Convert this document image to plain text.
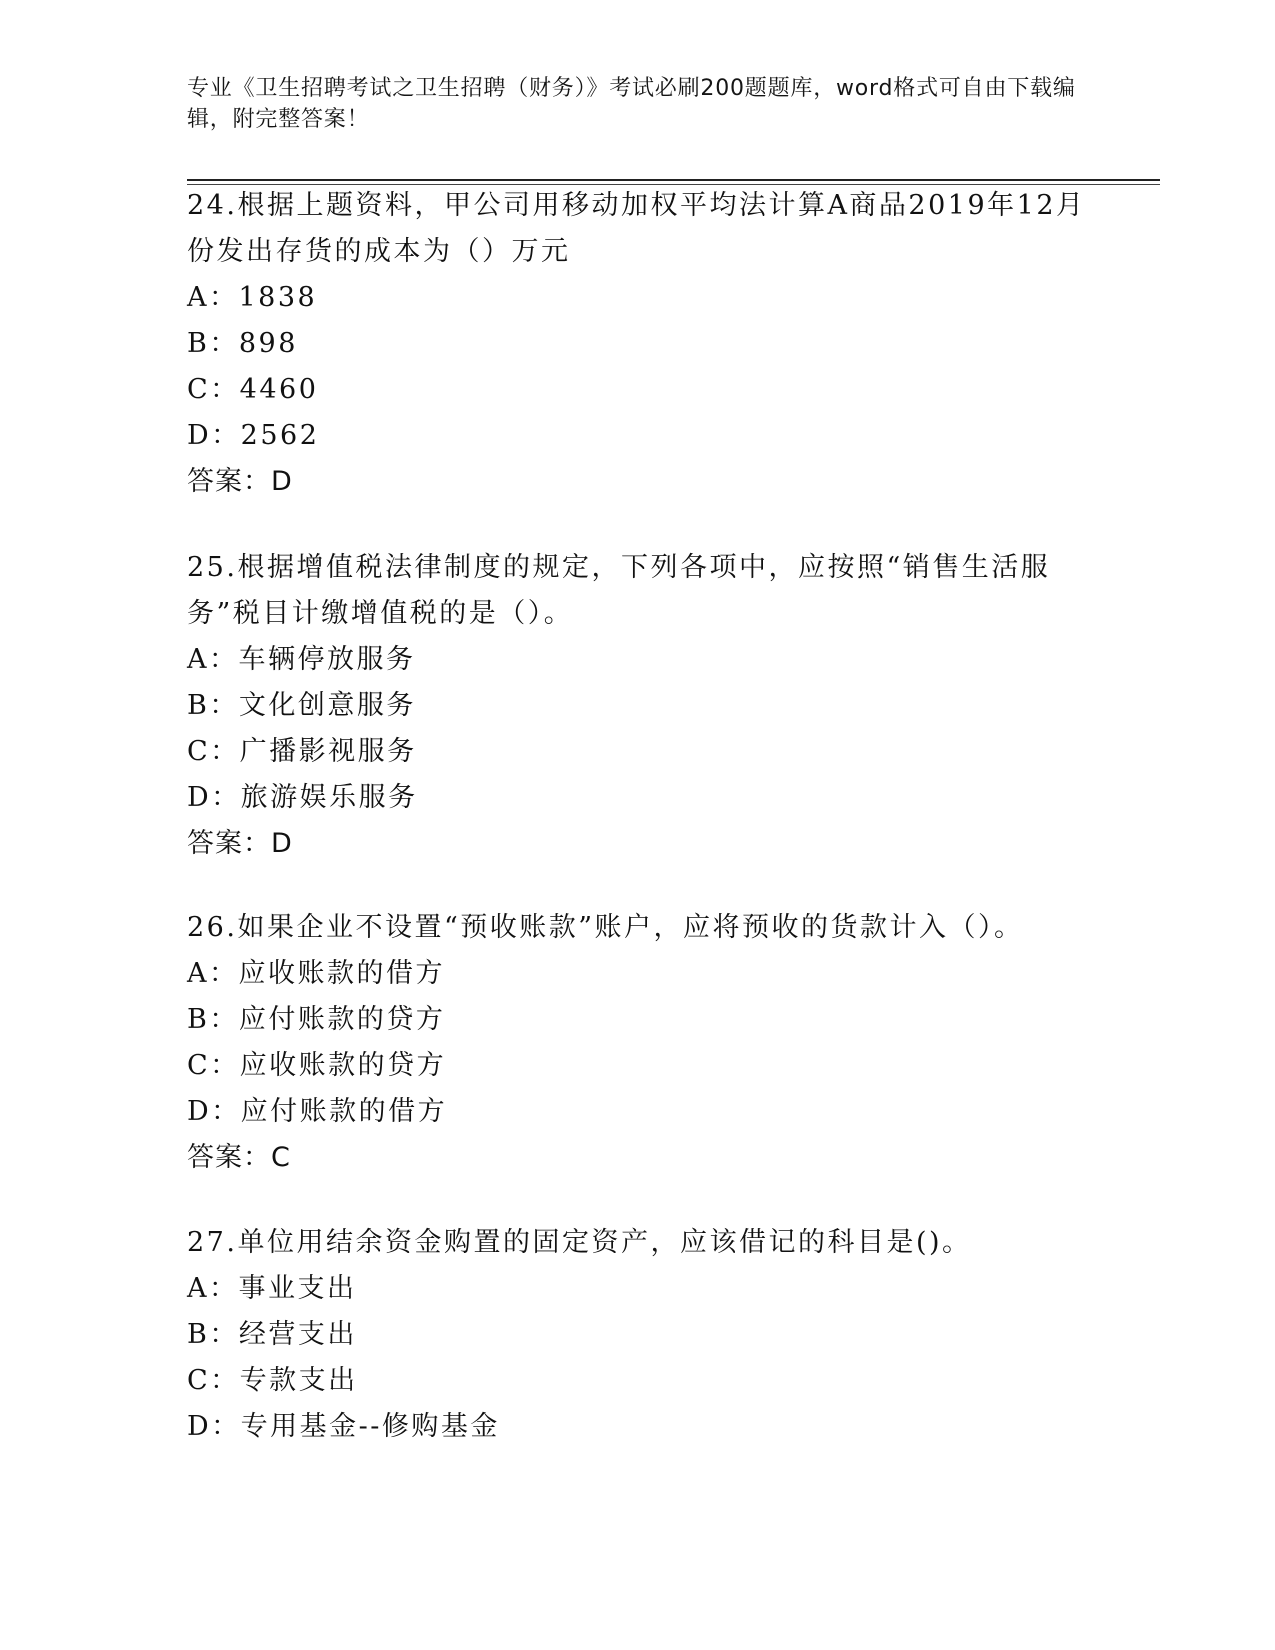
专业《卫生招聘考试之卫生招聘（财务）》考试必刷200题题库，word格式可自由下载编辑，附完整答案！
24.根据上题资料，甲公司用移动加权平均法计算A商品2019年12月份发出存货的成本为（）万元
A：1838
B：898
C：4460
D：2562
答案：D
25.根据增值税法律制度的规定，下列各项中，应按照“销售生活服务”税目计缴增值税的是（）。
A：车辆停放服务
B：文化创意服务
C：广播影视服务
D：旅游娱乐服务
答案：D
26.如果企业不设置“预收账款”账户，应将预收的货款计入（）。
A：应收账款的借方
B：应付账款的贷方
C：应收账款的贷方
D：应付账款的借方
答案：C
27.单位用结余资金购置的固定资产，应该借记的科目是()。
A：事业支出
B：经营支出
C：专款支出
D：专用基金--修购基金
